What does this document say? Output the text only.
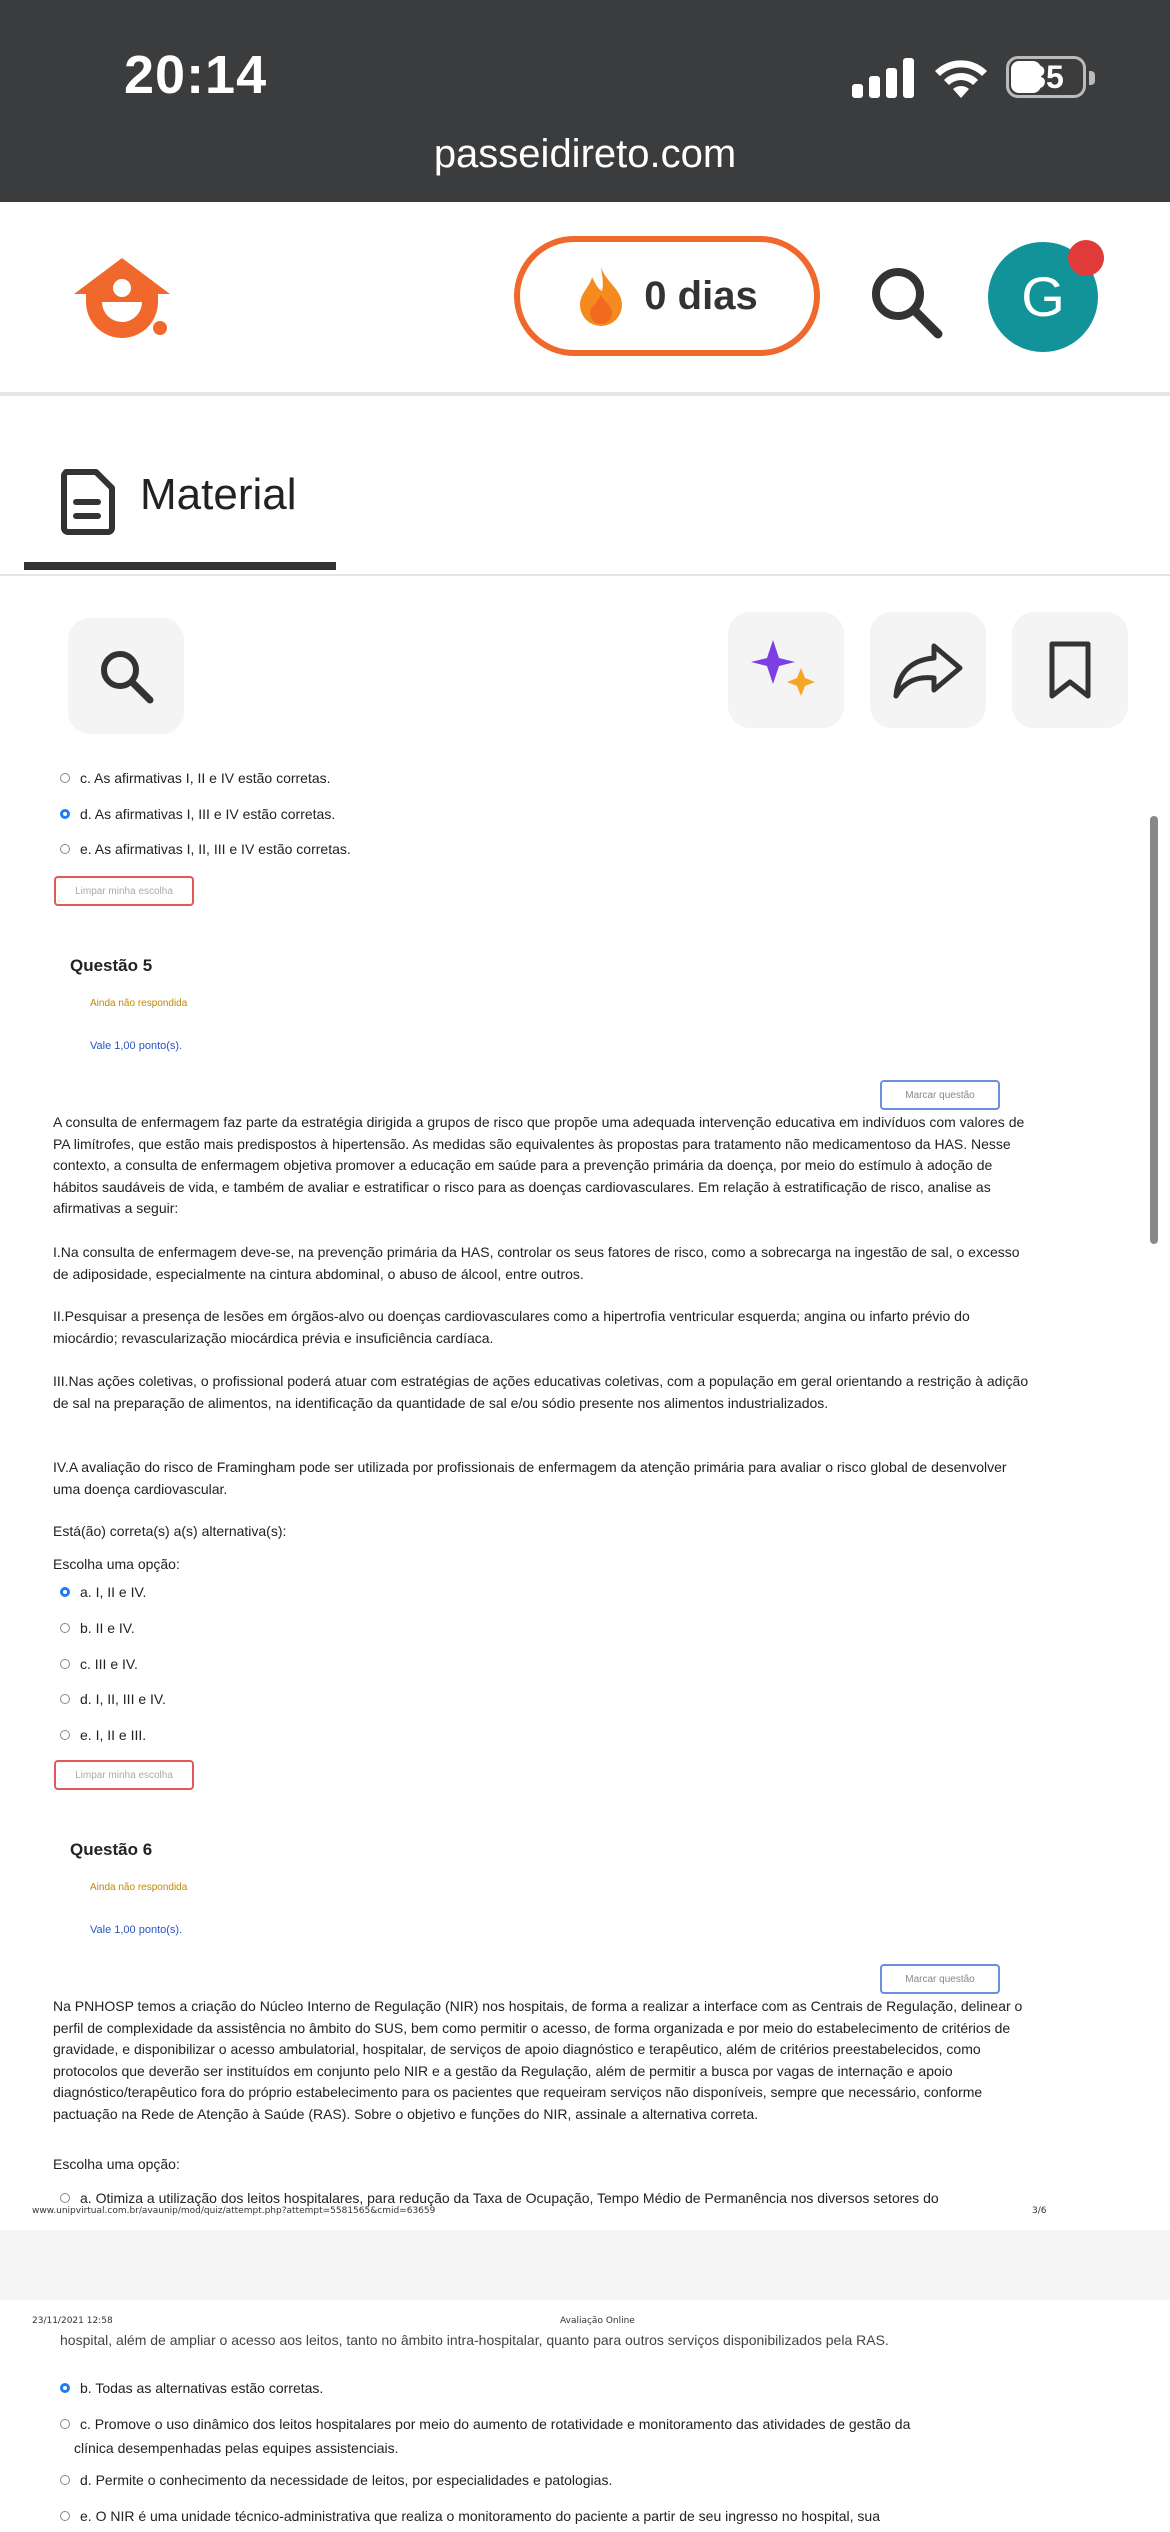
20:14	35
passeidireto.com
0 dias	G
Material
c. As afirmativas I, II e IV estão corretas.
d. As afirmativas I, III e IV estão corretas.
e. As afirmativas I, II, III e IV estão corretas.
Limpar minha escolha
Questão 5
Ainda não respondida
Vale 1,00 ponto(s).
Marcar questão
A consulta de enfermagem faz parte da estratégia dirigida a grupos de risco que propõe uma adequada intervenção educativa em indivíduos com valores de PA limítrofes, que estão mais predispostos à hipertensão. As medidas são equivalentes às propostas para tratamento não medicamentoso da HAS. Nesse contexto, a consulta de enfermagem objetiva promover a educação em saúde para a prevenção primária da doença, por meio do estímulo à adoção de hábitos saudáveis de vida, e também de avaliar e estratificar o risco para as doenças cardiovasculares. Em relação à estratificação de risco, analise as afirmativas a seguir:
I.Na consulta de enfermagem deve-se, na prevenção primária da HAS, controlar os seus fatores de risco, como a sobrecarga na ingestão de sal, o excesso de adiposidade, especialmente na cintura abdominal, o abuso de álcool, entre outros.
II.Pesquisar a presença de lesões em órgãos-alvo ou doenças cardiovasculares como a hipertrofia ventricular esquerda; angina ou infarto prévio do miocárdio; revascularização miocárdica prévia e insuficiência cardíaca.
III.Nas ações coletivas, o profissional poderá atuar com estratégias de ações educativas coletivas, com a população em geral orientando a restrição à adição de sal na preparação de alimentos, na identificação da quantidade de sal e/ou sódio presente nos alimentos industrializados.
IV.A avaliação do risco de Framingham pode ser utilizada por profissionais de enfermagem da atenção primária para avaliar o risco global de desenvolver uma doença cardiovascular.
Está(ão) correta(s) a(s) alternativa(s):
Escolha uma opção:
a. I, II e IV.
b. II e IV.
c. III e IV.
d. I, II, III e IV.
e. I, II e III.
Limpar minha escolha
Questão 6
Ainda não respondida
Vale 1,00 ponto(s).
Marcar questão
Na PNHOSP temos a criação do Núcleo Interno de Regulação (NIR) nos hospitais, de forma a realizar a interface com as Centrais de Regulação, delinear o perfil de complexidade da assistência no âmbito do SUS, bem como permitir o acesso, de forma organizada e por meio do estabelecimento de critérios de gravidade, e disponibilizar o acesso ambulatorial, hospitalar, de serviços de apoio diagnóstico e terapêutico, além de critérios preestabelecidos, como protocolos que deverão ser instituídos em conjunto pelo NIR e a gestão da Regulação, além de permitir a busca por vagas de internação e apoio diagnóstico/terapêutico fora do próprio estabelecimento para os pacientes que requeiram serviços não disponíveis, sempre que necessário, conforme pactuação na Rede de Atenção à Saúde (RAS). Sobre o objetivo e funções do NIR, assinale a alternativa correta.
Escolha uma opção:
a. Otimiza a utilização dos leitos hospitalares, para redução da Taxa de Ocupação, Tempo Médio de Permanência nos diversos setores do
www.unipvirtual.com.br/avaunip/mod/quiz/attempt.php?attempt=5581565&cmid=63659	3/6
23/11/2021 12:58	Avaliação Online
hospital, além de ampliar o acesso aos leitos, tanto no âmbito intra-hospitalar, quanto para outros serviços disponibilizados pela RAS.
b. Todas as alternativas estão corretas.
c. Promove o uso dinâmico dos leitos hospitalares por meio do aumento de rotatividade e monitoramento das atividades de gestão da
clínica desempenhadas pelas equipes assistenciais.
d. Permite o conhecimento da necessidade de leitos, por especialidades e patologias.
e. O NIR é uma unidade técnico-administrativa que realiza o monitoramento do paciente a partir de seu ingresso no hospital, sua
